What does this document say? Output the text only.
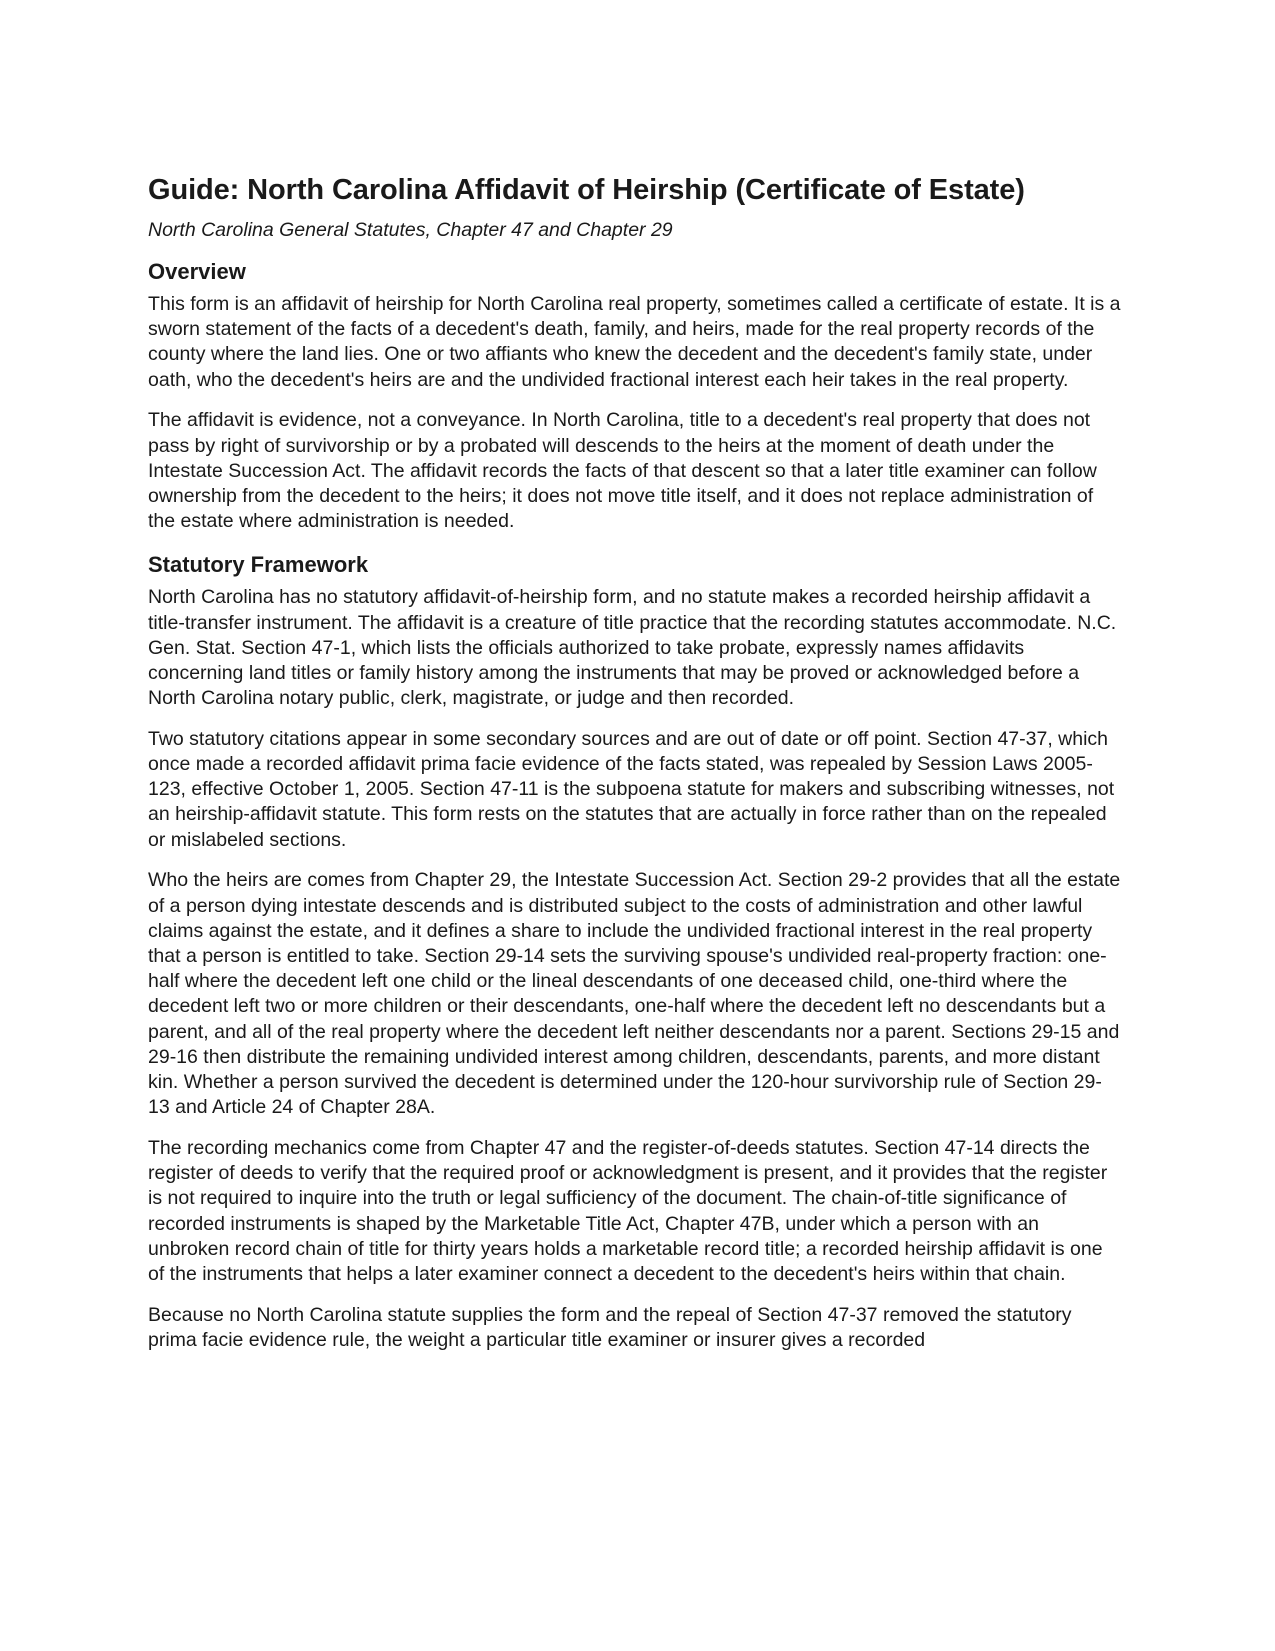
Guide: North Carolina Affidavit of Heirship (Certificate of Estate)

North Carolina General Statutes, Chapter 47 and Chapter 29

Overview

This form is an affidavit of heirship for North Carolina real property, sometimes called a certificate of estate. It is a sworn statement of the facts of a decedent's death, family, and heirs, made for the real property records of the county where the land lies. One or two affiants who knew the decedent and the decedent's family state, under oath, who the decedent's heirs are and the undivided fractional interest each heir takes in the real property.

The affidavit is evidence, not a conveyance. In North Carolina, title to a decedent's real property that does not pass by right of survivorship or by a probated will descends to the heirs at the moment of death under the Intestate Succession Act. The affidavit records the facts of that descent so that a later title examiner can follow ownership from the decedent to the heirs; it does not move title itself, and it does not replace administration of the estate where administration is needed.

Statutory Framework

North Carolina has no statutory affidavit-of-heirship form, and no statute makes a recorded heirship affidavit a title-transfer instrument. The affidavit is a creature of title practice that the recording statutes accommodate. N.C. Gen. Stat. Section 47-1, which lists the officials authorized to take probate, expressly names affidavits concerning land titles or family history among the instruments that may be proved or acknowledged before a North Carolina notary public, clerk, magistrate, or judge and then recorded.

Two statutory citations appear in some secondary sources and are out of date or off point. Section 47-37, which once made a recorded affidavit prima facie evidence of the facts stated, was repealed by Session Laws 2005-123, effective October 1, 2005. Section 47-11 is the subpoena statute for makers and subscribing witnesses, not an heirship-affidavit statute. This form rests on the statutes that are actually in force rather than on the repealed or mislabeled sections.

Who the heirs are comes from Chapter 29, the Intestate Succession Act. Section 29-2 provides that all the estate of a person dying intestate descends and is distributed subject to the costs of administration and other lawful claims against the estate, and it defines a share to include the undivided fractional interest in the real property that a person is entitled to take. Section 29-14 sets the surviving spouse's undivided real-property fraction: one-half where the decedent left one child or the lineal descendants of one deceased child, one-third where the decedent left two or more children or their descendants, one-half where the decedent left no descendants but a parent, and all of the real property where the decedent left neither descendants nor a parent. Sections 29-15 and 29-16 then distribute the remaining undivided interest among children, descendants, parents, and more distant kin. Whether a person survived the decedent is determined under the 120-hour survivorship rule of Section 29-13 and Article 24 of Chapter 28A.

The recording mechanics come from Chapter 47 and the register-of-deeds statutes. Section 47-14 directs the register of deeds to verify that the required proof or acknowledgment is present, and it provides that the register is not required to inquire into the truth or legal sufficiency of the document. The chain-of-title significance of recorded instruments is shaped by the Marketable Title Act, Chapter 47B, under which a person with an unbroken record chain of title for thirty years holds a marketable record title; a recorded heirship affidavit is one of the instruments that helps a later examiner connect a decedent to the decedent's heirs within that chain.

Because no North Carolina statute supplies the form and the repeal of Section 47-37 removed the statutory prima facie evidence rule, the weight a particular title examiner or insurer gives a recorded
